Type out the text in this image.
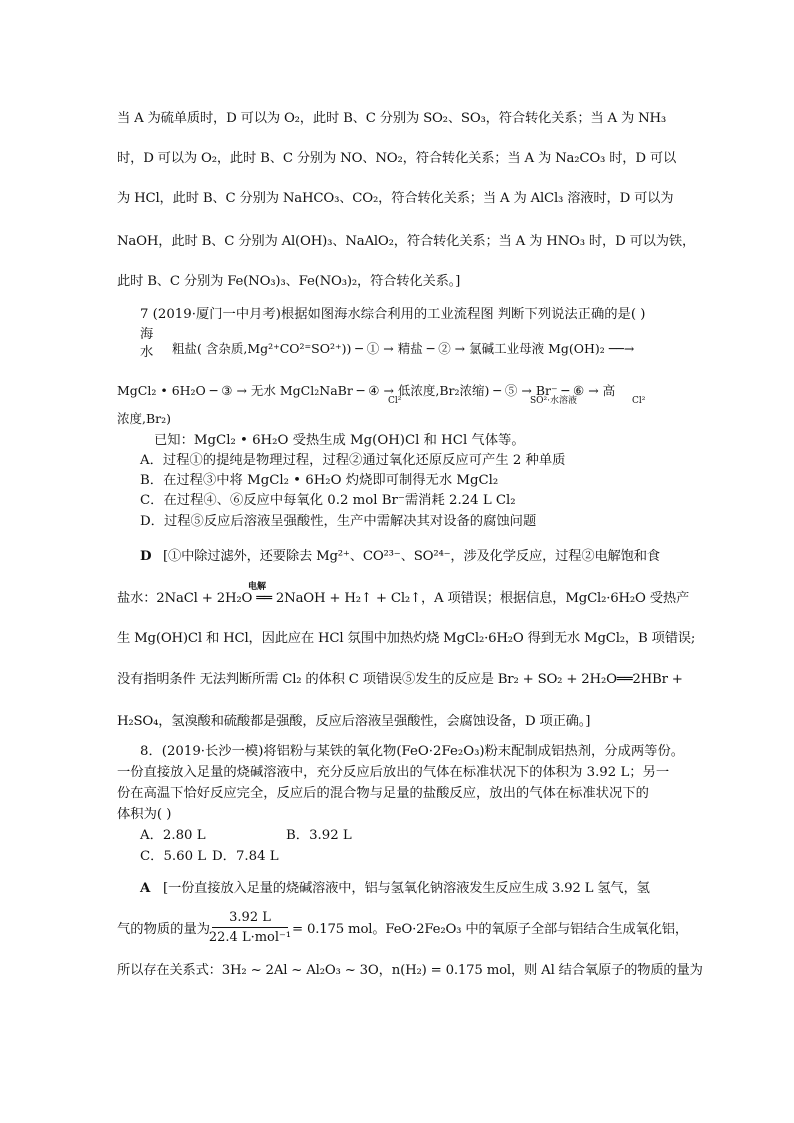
当 A 为硫单质时，D 可以为 O₂，此时 B、C 分别为 SO₂、SO₃，符合转化关系；当 A 为 NH₃
时，D 可以为 O₂，此时 B、C 分别为 NO、NO₂，符合转化关系；当 A 为 Na₂CO₃ 时，D 可以
为 HCl，此时 B、C 分别为 NaHCO₃、CO₂，符合转化关系；当 A 为 AlCl₃ 溶液时，D 可以为
NaOH，此时 B、C 分别为 Al(OH)₃、NaAlO₂，符合转化关系；当 A 为 HNO₃ 时，D 可以为铁，
此时 B、C 分别为 Fe(NO₃)₃、Fe(NO₃)₂，符合转化关系。]
7 (2019·厦门一中月考)根据如图海水综合利用的工业流程图 判断下列说法正确的是( )
海
水 粗盐( 含杂质,Mg²⁺CO²⁼SO²⁺)) ─ ① → 精盐 ─ ② → 氯碱工业母液 Mg(OH)₂ ──→
MgCl₂ • 6H₂O ─ ③ → 无水 MgCl₂NaBr ─ ④ → 低浓度,Br₂浓缩) ─ ⑤ → Br⁻ ─ ⑥ → 高
Cl²	SO²·水溶液	Cl²
浓度,Br₂)
已知：MgCl₂ • 6H₂O 受热生成 Mg(OH)Cl 和 HCl 气体等。
A．过程①的提纯是物理过程，过程②通过氧化还原反应可产生 2 种单质
B．在过程③中将 MgCl₂ • 6H₂O 灼烧即可制得无水 MgCl₂
C．在过程④、⑥反应中每氧化 0.2 mol Br⁻需消耗 2.24 L Cl₂
D．过程⑤反应后溶液呈强酸性，生产中需解决其对设备的腐蚀问题
D [①中除过滤外，还要除去 Mg²⁺、CO²³⁻、SO²⁴⁻，涉及化学反应，过程②电解饱和食
电解
盐水：2NaCl + 2H₂O ══ 2NaOH + H₂↑ + Cl₂↑，A 项错误；根据信息，MgCl₂·6H₂O 受热产
生 Mg(OH)Cl 和 HCl，因此应在 HCl 氛围中加热灼烧 MgCl₂·6H₂O 得到无水 MgCl₂，B 项错误;
没有指明条件 无法判断所需 Cl₂ 的体积 C 项错误⑤发生的反应是 Br₂ + SO₂ + 2H₂O══2HBr +
H₂SO₄，氢溴酸和硫酸都是强酸，反应后溶液呈强酸性，会腐蚀设备，D 项正确。]
8．(2019·长沙一模)将铝粉与某铁的氧化物(FeO·2Fe₂O₃)粉末配制成铝热剂，分成两等份。
一份直接放入足量的烧碱溶液中，充分反应后放出的气体在标准状况下的体积为 3.92 L；另一
份在高温下恰好反应完全，反应后的混合物与足量的盐酸反应，放出的气体在标准状况下的
体积为( )
A．2.80 L	B．3.92 L
C．5.60 L D．7.84 L
A [一份直接放入足量的烧碱溶液中，铝与氢氧化钠溶液发生反应生成 3.92 L 氢气，氢
气的物质的量为
3.92 L
22.4 L·mol⁻¹
= 0.175 mol。FeO·2Fe₂O₃ 中的氧原子全部与铝结合生成氧化铝，
所以存在关系式：3H₂ ~ 2Al ~ Al₂O₃ ~ 3O，n(H₂) = 0.175 mol，则 Al 结合氧原子的物质的量为
